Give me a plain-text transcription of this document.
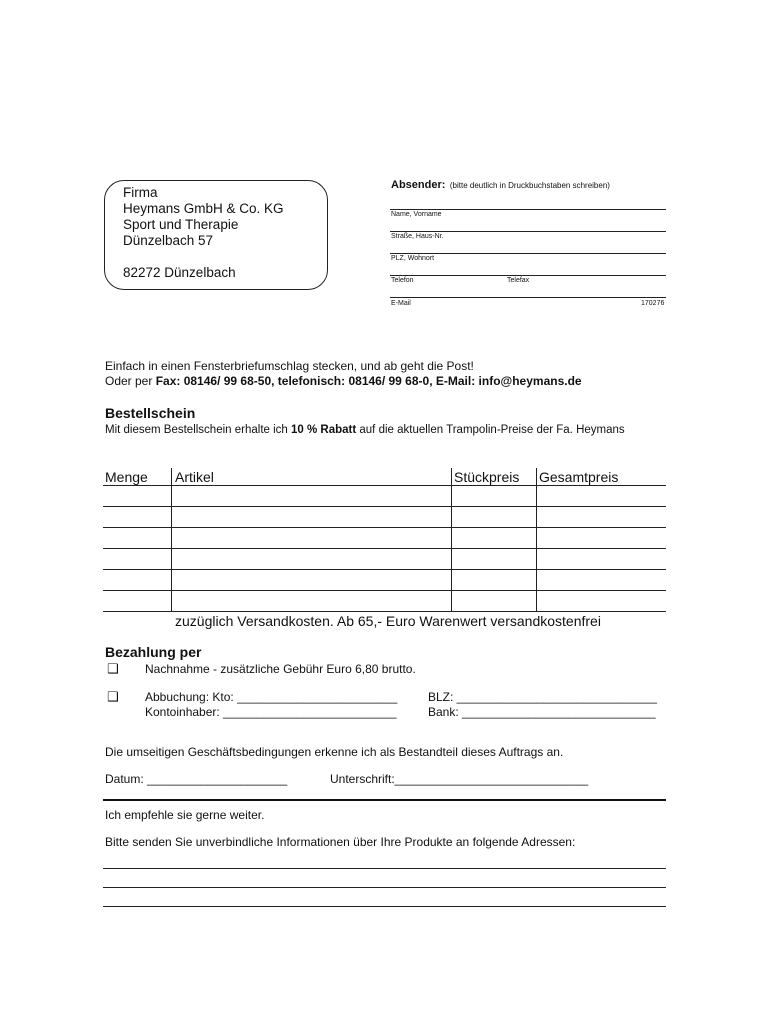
Firma
Heymans GmbH & Co. KG
Sport und Therapie
Dünzelbach 57
82272 Dünzelbach
Absender: (bitte deutlich in Druckbuchstaben schreiben)
Name, Vorname
Straße, Haus-Nr.
PLZ, Wohnort
Telefon	Telefax
E-Mail	170276
Einfach in einen Fensterbriefumschlag stecken, und ab geht die Post!
Oder per Fax: 08146/ 99 68-50, telefonisch: 08146/ 99 68-0, E-Mail: info@heymans.de
Bestellschein
Mit diesem Bestellschein erhalte ich 10 % Rabatt auf die aktuellen Trampolin-Preise der Fa. Heymans
Menge Artikel	Stückpreis Gesamtpreis
zuzüglich Versandkosten. Ab 65,- Euro Warenwert versandkostenfrei
Bezahlung per
❑ Nachnahme - zusätzliche Gebühr Euro 6,80 brutto.
❑ Abbuchung: Kto: ________________________
Kontoinhaber: __________________________
BLZ: ______________________________
Bank: _____________________________
Die umseitigen Geschäftsbedingungen erkenne ich als Bestandteil dieses Auftrags an.
Datum: _____________________	Unterschrift:_____________________________
Ich empfehle sie gerne weiter.
Bitte senden Sie unverbindliche Informationen über Ihre Produkte an folgende Adressen:
